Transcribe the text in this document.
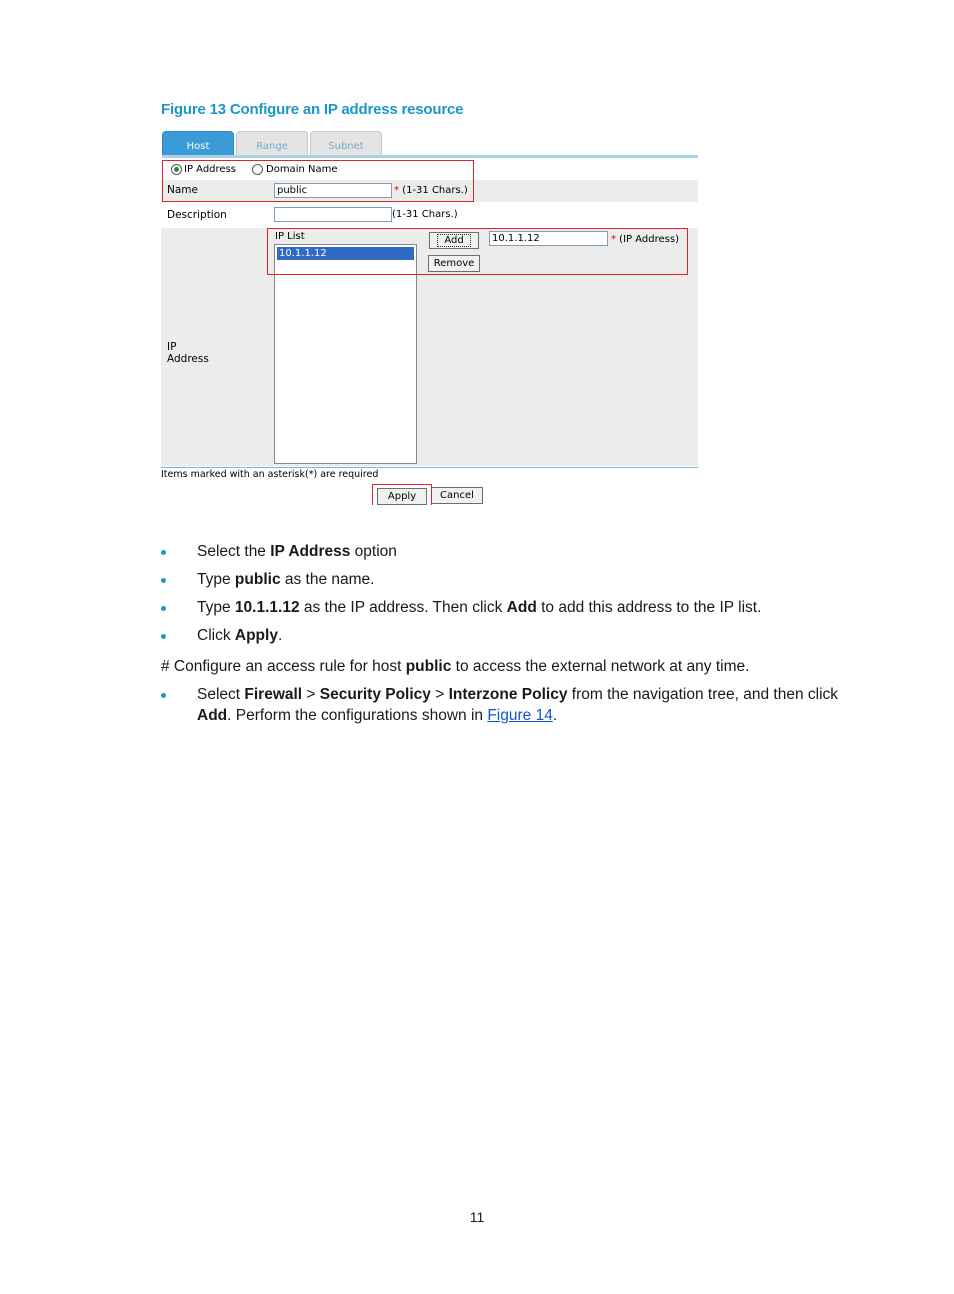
Figure 13 Configure an IP address resource
Host	Range	Subnet
IP Address	Domain Name
Name	public	* (1-31 Chars.)
Description	(1-31 Chars.)
IP Address
IP List
10.1.1.12
Add
Remove
10.1.1.12	* (IP Address)
Items marked with an asterisk(*) are required
Apply	Cancel
Select the IP Address option
Type public as the name.
Type 10.1.1.12 as the IP address. Then click Add to add this address to the IP list.
Click Apply.
# Configure an access rule for host public to access the external network at any time.
Select Firewall > Security Policy > Interzone Policy from the navigation tree, and then click
Add. Perform the configurations shown in Figure 14.
11
